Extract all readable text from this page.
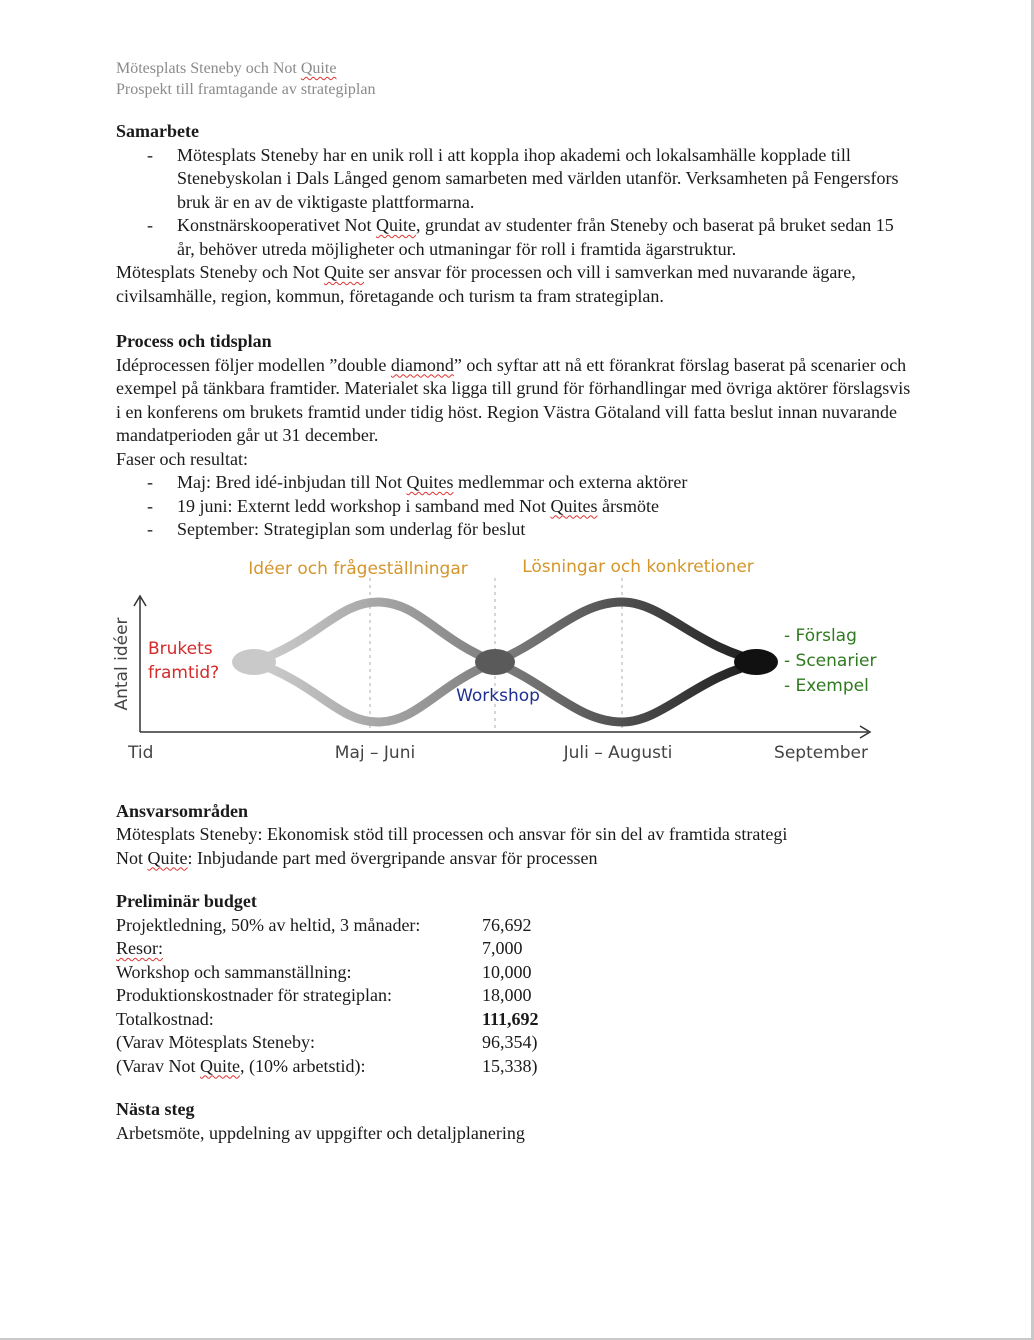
Mötesplats Steneby och Not Quite
Prospekt till framtagande av strategiplan
Samarbete
- Mötesplats Steneby har en unik roll i att koppla ihop akademi och lokalsamhälle kopplade till Stenebyskolan i Dals Långed genom samarbeten med världen utanför. Verksamheten på Fengersfors bruk är en av de viktigaste plattformarna.
- Konstnärskooperativet Not Quite, grundat av studenter från Steneby och baserat på bruket sedan 15 år, behöver utreda möjligheter och utmaningar för roll i framtida ägarstruktur.
Mötesplats Steneby och Not Quite ser ansvar för processen och vill i samverkan med nuvarande ägare, civilsamhälle, region, kommun, företagande och turism ta fram strategiplan.
Process och tidsplan
Idéprocessen följer modellen ”double diamond” och syftar att nå ett förankrat förslag baserat på scenarier och exempel på tänkbara framtider. Materialet ska ligga till grund för förhandlingar med övriga aktörer förslagsvis i en konferens om brukets framtid under tidig höst. Region Västra Götaland vill fatta beslut innan nuvarande mandatperioden går ut 31 december.
Faser och resultat:
- Maj: Bred idé-inbjudan till Not Quites medlemmar och externa aktörer
- 19 juni: Externt ledd workshop i samband med Not Quites årsmöte
- September: Strategiplan som underlag för beslut
Idéer och frågeställningar	Lösningar och konkretioner
Antal idéer Brukets
framtid?
Workshop
- Förslag
- Scenarier
- Exempel
Tid	Maj – Juni	Juli – Augusti	September
Ansvarsområden
Mötesplats Steneby: Ekonomisk stöd till processen och ansvar för sin del av framtida strategi
Not Quite: Inbjudande part med övergripande ansvar för processen
Preliminär budget
Projektledning, 50% av heltid, 3 månader:	76,692
Resor:	7,000
Workshop och sammanställning:	10,000
Produktionskostnader för strategiplan:	18,000
Totalkostnad:	111,692
(Varav Mötesplats Steneby:	96,354)
(Varav Not Quite, (10% arbetstid):	15,338)
Nästa steg
Arbetsmöte, uppdelning av uppgifter och detaljplanering
